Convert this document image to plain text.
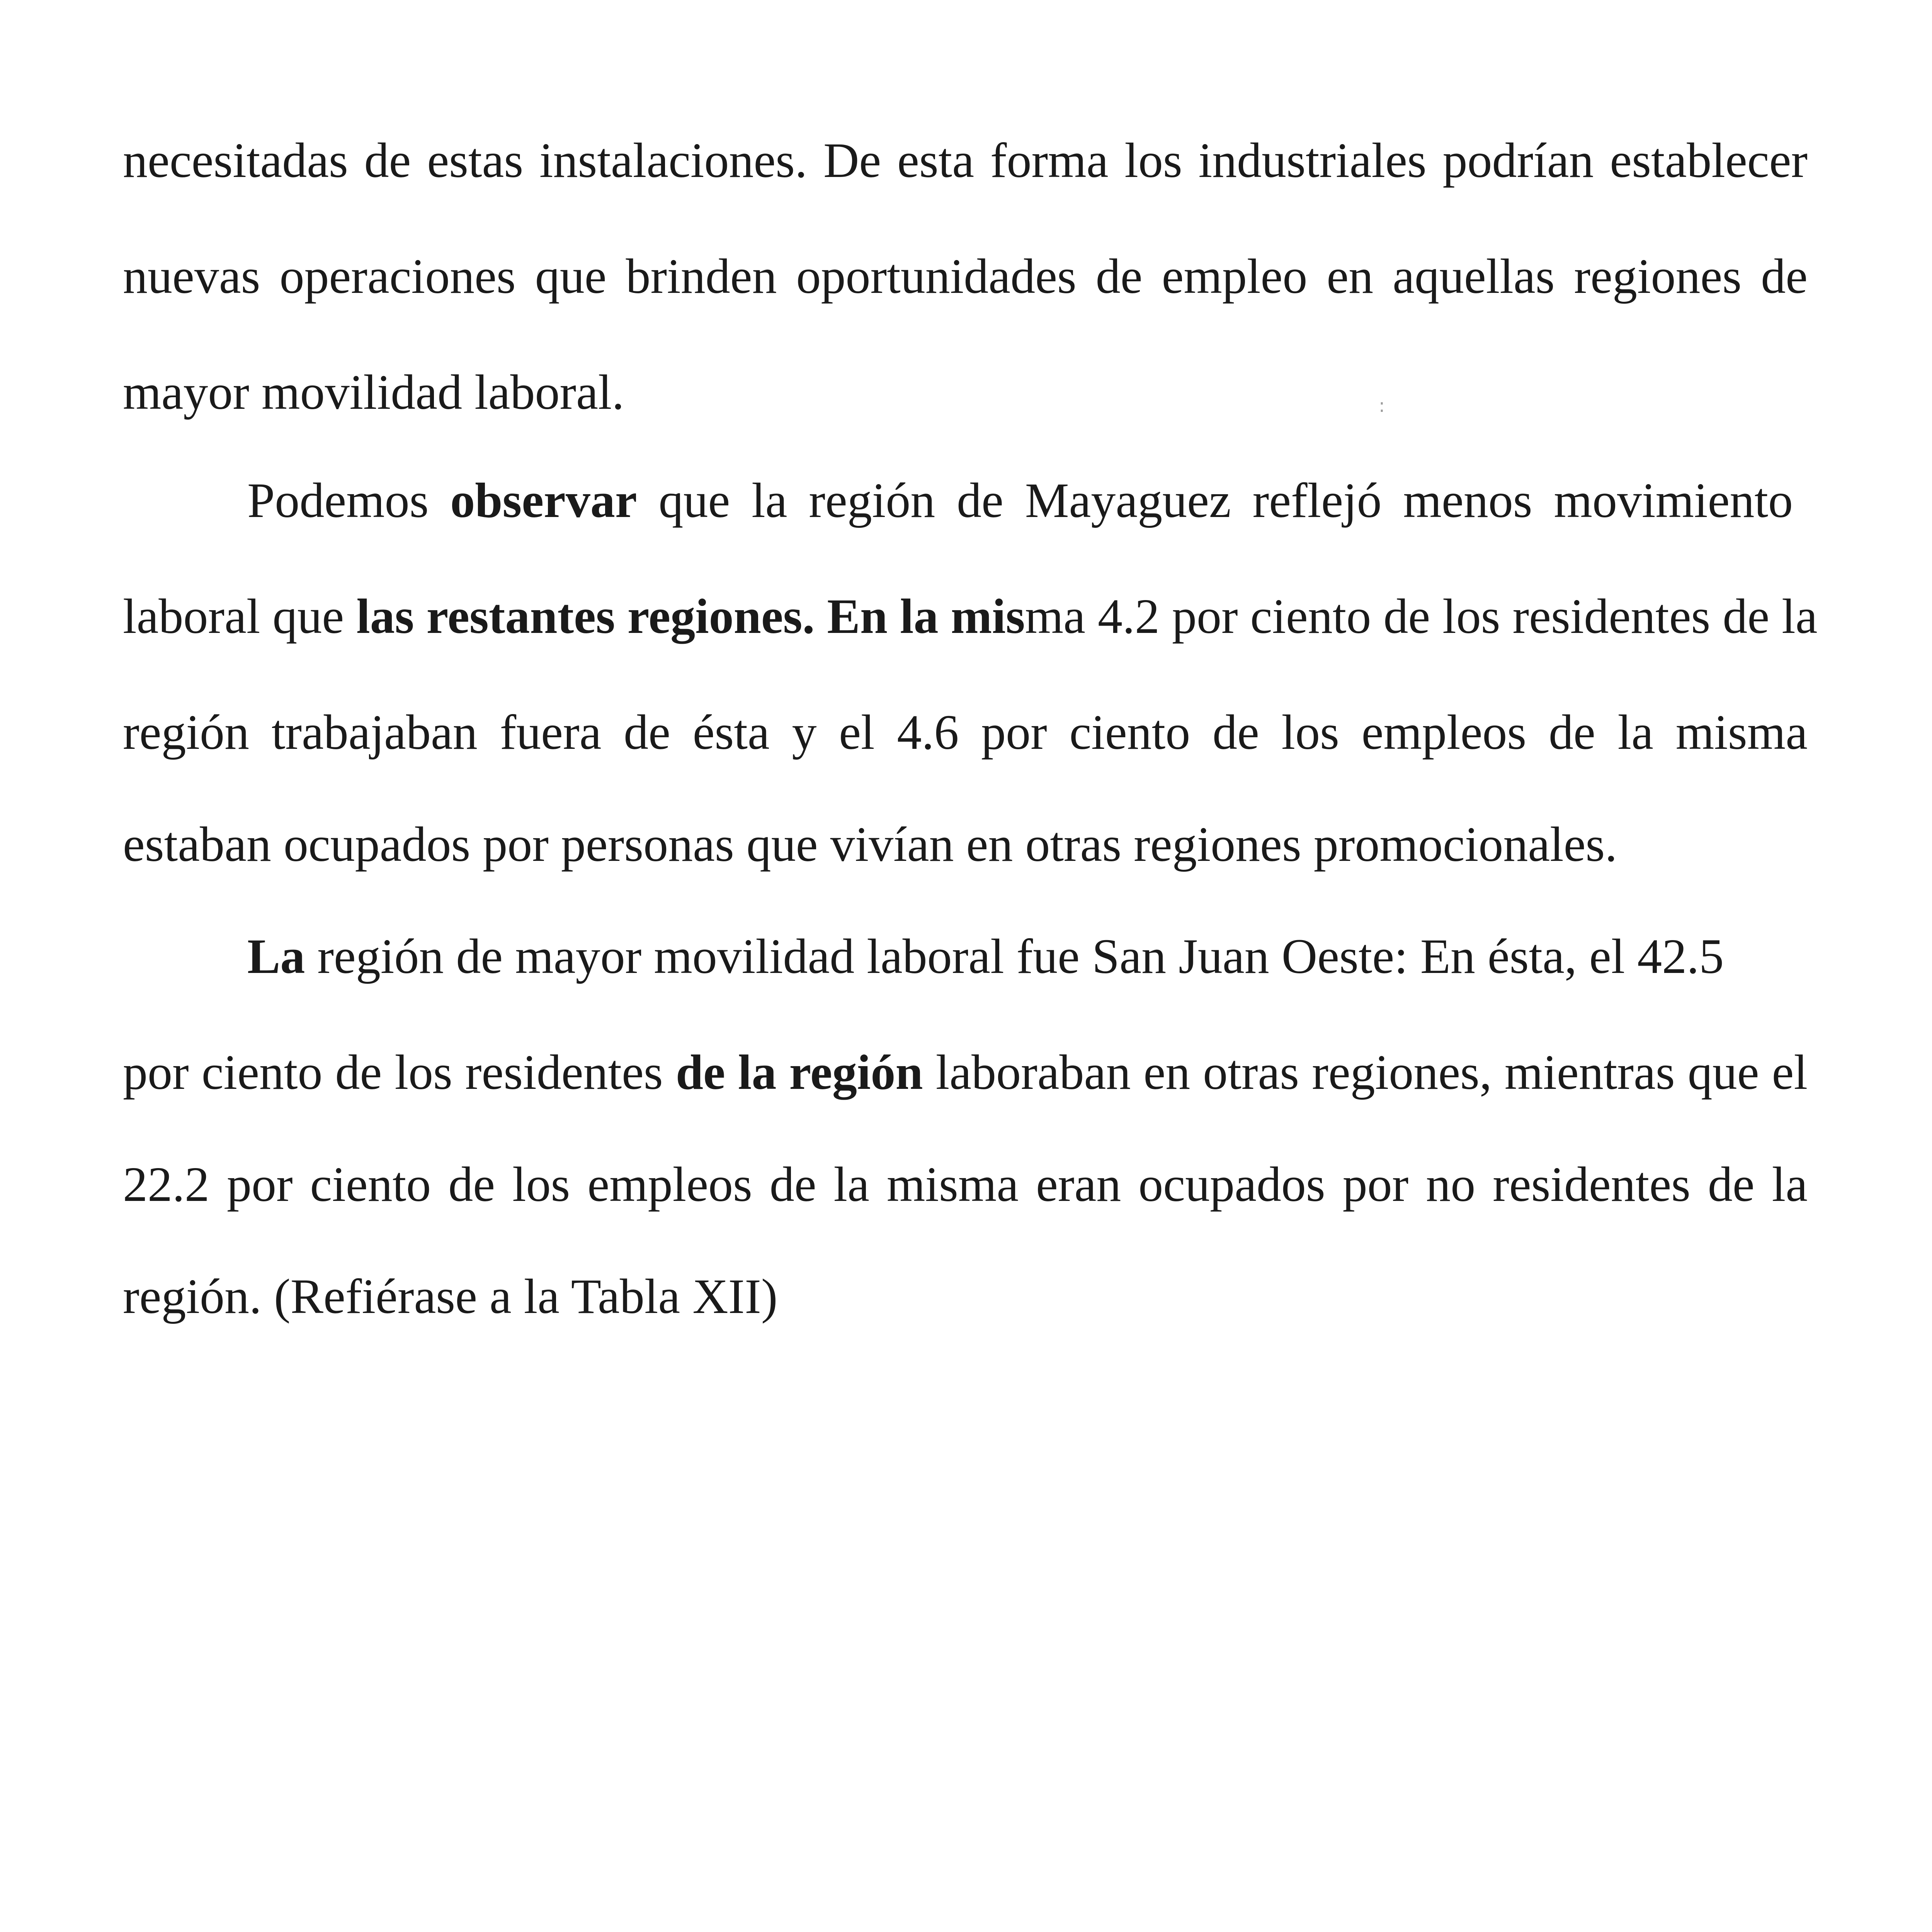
necesitadas de estas instalaciones. De esta forma los industriales podrían establecer
nuevas operaciones que brinden oportunidades de empleo en aquellas regiones de
mayor movilidad laboral.	:
Podemos observar que la región de Mayaguez reflejó menos movimiento
laboral que las restantes regiones. En la misma 4.2 por ciento de los residentes de la
región trabajaban fuera de ésta y el 4.6 por ciento de los empleos de la misma
estaban ocupados por personas que vivían en otras regiones promocionales.
La región de mayor movilidad laboral fue San Juan Oeste: En ésta, el 42.5
por ciento de los residentes de la región laboraban en otras regiones, mientras que el
22.2 por ciento de los empleos de la misma eran ocupados por no residentes de la
región. (Refiérase a la Tabla XII)
